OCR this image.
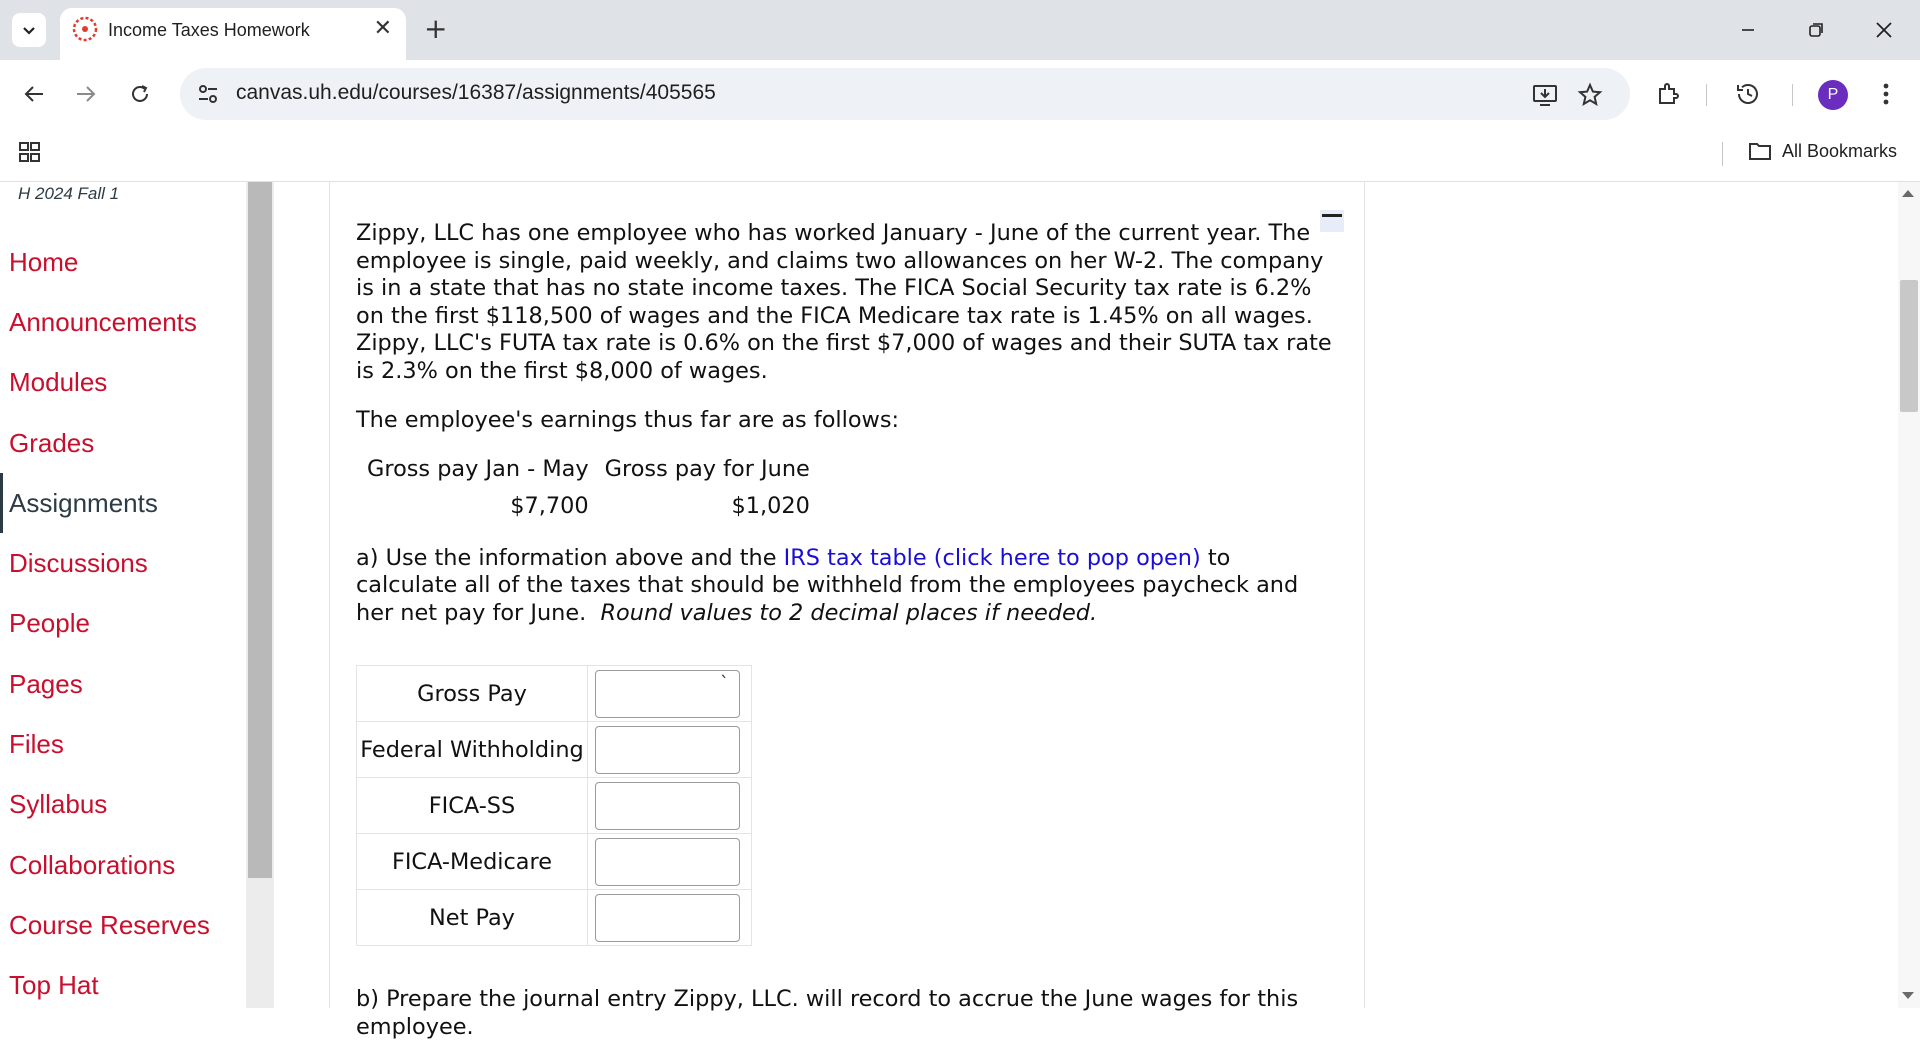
Income Taxes Homework	✕ +
canvas.uh.edu/courses/16387/assignments/405565	P
All Bookmarks
H 2024 Fall 1
Home
Announcements
Modules
Grades
Assignments
Discussions
People
Pages
Files
Syllabus
Collaborations
Course Reserves
Top Hat

Zippy, LLC has one employee who has worked January - June of the current year. The employee is single, paid weekly, and claims two allowances on her W-2. The company is in a state that has no state income taxes. The FICA Social Security tax rate is 6.2% on the first $118,500 of wages and the FICA Medicare tax rate is 1.45% on all wages. Zippy, LLC's FUTA tax rate is 0.6% on the first $7,000 of wages and their SUTA tax rate is 2.3% on the first $8,000 of wages.

The employee's earnings thus far are as follows:

Gross pay Jan - May	Gross pay for June
$7,700	$1,020

a) Use the information above and the IRS tax table (click here to pop open) to calculate all of the taxes that should be withheld from the employees paycheck and her net pay for June. Round values to 2 decimal places if needed.

Gross Pay	`

Federal Withholding	

FICA-SS	

FICA-Medicare	

Net Pay	

b) Prepare the journal entry Zippy, LLC. will record to accrue the June wages for this employee.
